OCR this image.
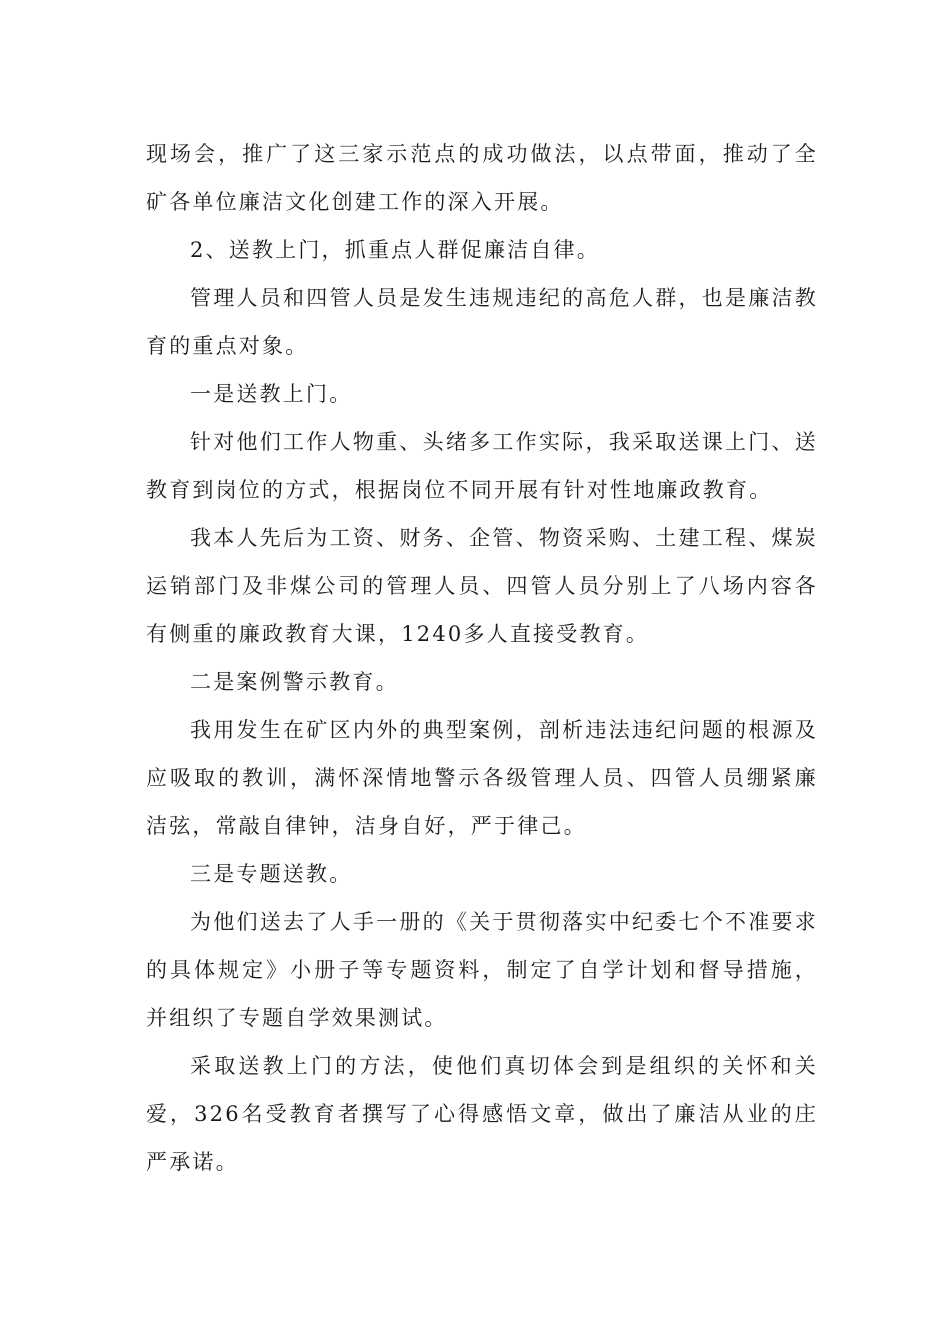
现场会，推广了这三家示范点的成功做法，以点带面，推动了全矿各单位廉洁文化创建工作的深入开展。

2、送教上门，抓重点人群促廉洁自律。

管理人员和四管人员是发生违规违纪的高危人群，也是廉洁教育的重点对象。

一是送教上门。

针对他们工作人物重、头绪多工作实际，我采取送课上门、送教育到岗位的方式，根据岗位不同开展有针对性地廉政教育。

我本人先后为工资、财务、企管、物资采购、土建工程、煤炭运销部门及非煤公司的管理人员、四管人员分别上了八场内容各有侧重的廉政教育大课，1240多人直接受教育。

二是案例警示教育。

我用发生在矿区内外的典型案例，剖析违法违纪问题的根源及应吸取的教训，满怀深情地警示各级管理人员、四管人员绷紧廉洁弦，常敲自律钟，洁身自好，严于律己。

三是专题送教。

为他们送去了人手一册的《关于贯彻落实中纪委七个不准要求的具体规定》小册子等专题资料，制定了自学计划和督导措施，并组织了专题自学效果测试。

采取送教上门的方法，使他们真切体会到是组织的关怀和关爱，326名受教育者撰写了心得感悟文章，做出了廉洁从业的庄严承诺。
